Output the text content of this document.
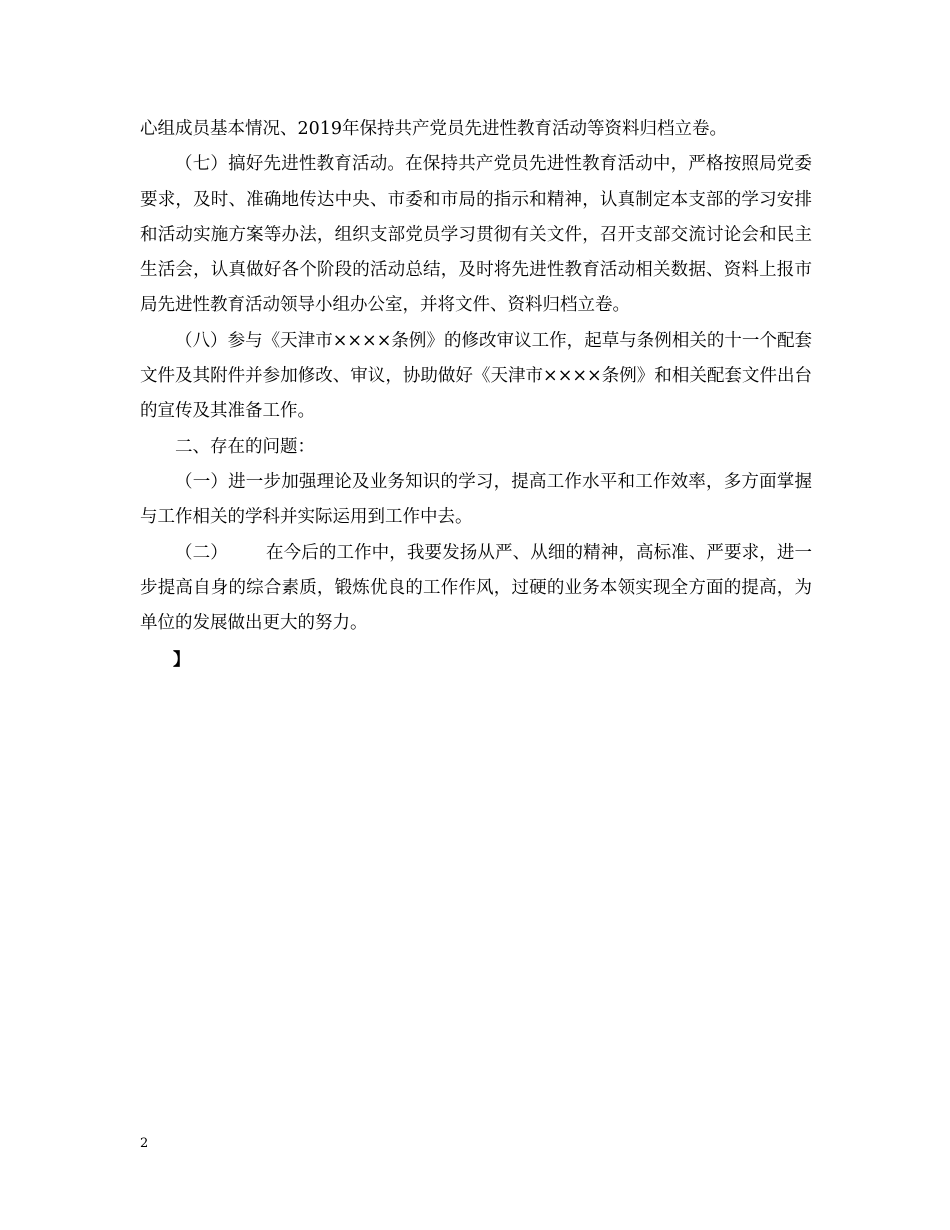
心组成员基本情况、2019年保持共产党员先进性教育活动等资料归档立卷。

（七）搞好先进性教育活动。在保持共产党员先进性教育活动中，严格按照局党委要求，及时、准确地传达中央、市委和市局的指示和精神，认真制定本支部的学习安排和活动实施方案等办法，组织支部党员学习贯彻有关文件，召开支部交流讨论会和民主生活会，认真做好各个阶段的活动总结，及时将先进性教育活动相关数据、资料上报市局先进性教育活动领导小组办公室，并将文件、资料归档立卷。

（八）参与《天津市××××条例》的修改审议工作，起草与条例相关的十一个配套文件及其附件并参加修改、审议，协助做好《天津市××××条例》和相关配套文件出台的宣传及其准备工作。

二、存在的问题：

（一）进一步加强理论及业务知识的学习，提高工作水平和工作效率，多方面掌握与工作相关的学科并实际运用到工作中去。

（二） 在今后的工作中，我要发扬从严、从细的精神，高标准、严要求，进一步提高自身的综合素质，锻炼优良的工作作风，过硬的业务本领实现全方面的提高，为单位的发展做出更大的努力。

】
2
